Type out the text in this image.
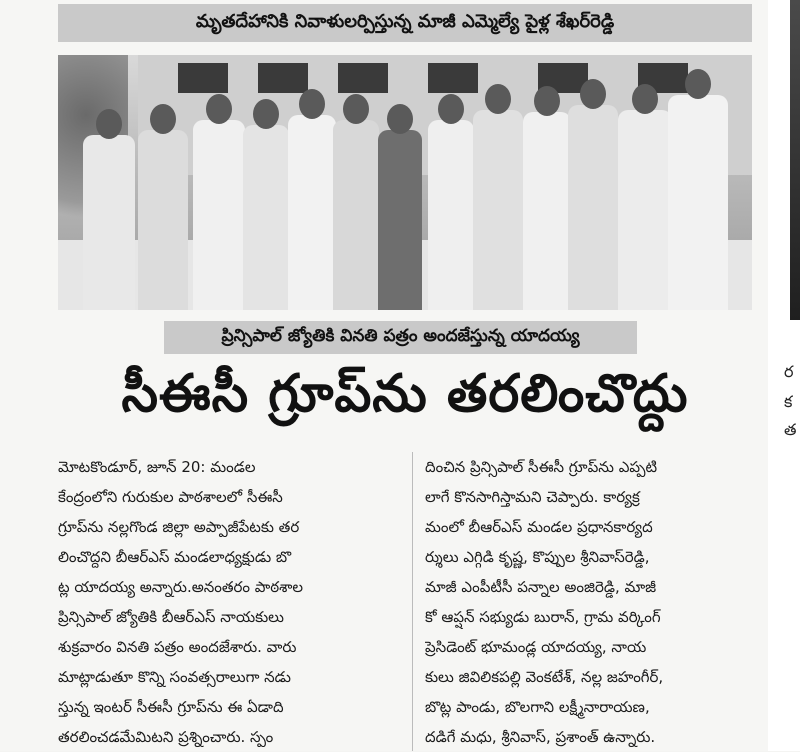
మృతదేహానికి నివాళులర్పిస్తున్న మాజీ ఎమ్మెల్యే పైళ్ల శేఖర్‌రెడ్డి
ప్రిన్సిపాల్ జ్యోతికి వినతి పత్రం అందజేస్తున్న యాదయ్య
సీఈసీ గ్రూప్‌ను తరలించొద్దు
మోటకొండూర్, జూన్ 20: మండల
కేంద్రంలోని గురుకుల పాఠశాలలో సీఈసీ
గ్రూప్‌ను నల్లగొండ జిల్లా అప్పాజీపేటకు తర
లించొద్దని బీఆర్ఎస్ మండలాధ్యక్షుడు బొ
ట్ల యాదయ్య అన్నారు.అనంతరం పాఠశాల
ప్రిన్సిపాల్ జ్యోతికి బీఆర్ఎస్ నాయకులు
శుక్రవారం వినతి పత్రం అందజేశారు. వారు
మాట్లాడుతూ కొన్ని సంవత్సరాలుగా నడు
స్తున్న ఇంటర్ సీఈసీ గ్రూప్‌ను ఈ ఏడాది
తరలించడమేమిటని ప్రశ్నించారు. స్పం
దించిన ప్రిన్సిపాల్ సీఈసీ గ్రూప్‌ను ఎప్పటి
లాగే కొనసాగిస్తామని చెప్పారు. కార్యక్ర
మంలో బీఆర్ఎస్ మండల ప్రధానకార్యద
ర్శులు ఎగ్గిడి కృష్ణ, కొప్పుల శ్రీనివాస్‌రెడ్డి,
మాజీ ఎంపీటీసీ పన్నాల అంజిరెడ్డి, మాజీ
కో ఆప్షన్ సభ్యుడు బురాన్, గ్రామ వర్కింగ్
ప్రెసిడెంట్ భూమండ్ల యాదయ్య, నాయ
కులు జివిలికపల్లి వెంకటేశ్, నల్ల జహంగీర్,
బొట్ల పాండు, బొలగాని లక్ష్మీనారాయణ,
దడిగే మధు, శ్రీనివాస్, ప్రశాంత్ ఉన్నారు.
ర
క
త
